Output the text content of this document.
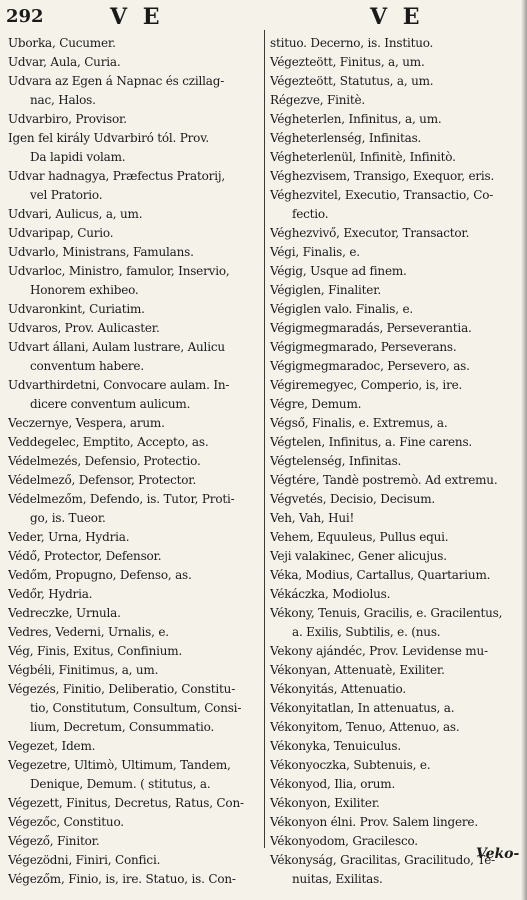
292	V E	V E
Uborka, Cucumer.
Udvar, Aula, Curia.
Udvara az Egen á Napnac és czillag-
nac, Halos.
Udvarbiro, Provisor.
Igen fel király Udvarbiró tól. Prov.
Da lapidi volam.
Udvar hadnagya, Præfectus Pratorij,
vel Pratorio.
Udvari, Aulicus, a, um.
Udvaripap, Curio.
Udvarlo, Ministrans, Famulans.
Udvarloc, Ministro, famulor, Inservio,
Honorem exhibeo.
Udvaronkint, Curiatim.
Udvaros, Prov. Aulicaster.
Udvart állani, Aulam lustrare, Aulicu
conventum habere.
Udvarthirdetni, Convocare aulam. In-
dicere conventum aulicum.
Veczernye, Vespera, arum.
Veddegelec, Emptito, Accepto, as.
Védelmezés, Defensio, Protectio.
Védelmező, Defensor, Protector.
Védelmezőm, Defendo, is. Tutor, Proti-
go, is. Tueor.
Veder, Urna, Hydria.
Védő, Protector, Defensor.
Vedőm, Propugno, Defenso, as.
Vedőr, Hydria.
Vedreczke, Urnula.
Vedres, Vederni, Urnalis, e.
Vég, Finis, Exitus, Confinium.
Végbéli, Finitimus, a, um.
Végezés, Finitio, Deliberatio, Constitu-
tio, Constitutum, Consultum, Consi-
lium, Decretum, Consummatio.
Vegezet, Idem.
Vegezetre, Ultimò, Ultimum, Tandem,
Denique, Demum. ( stitutus, a.
Végezett, Finitus, Decretus, Ratus, Con-
Végezőc, Constituo.
Végező, Finitor.
Végezödni, Finiri, Confici.
Végezőm, Finio, is, ire. Statuo, is. Con-
stituo. Decerno, is. Instituo.
Végezteött, Finitus, a, um.
Végezteött, Statutus, a, um.
Régezve, Finitè.
Végheterlen, Infinitus, a, um.
Végheterlenség, Infinitas.
Végheterlenül, Infinitè, Infinitò.
Véghezvisem, Transigo, Exequor, eris.
Véghezvitel, Executio, Transactio, Co-
fectio.
Véghezvivő, Executor, Transactor.
Végi, Finalis, e.
Végig, Usque ad finem.
Végiglen, Finaliter.
Végiglen valo. Finalis, e.
Végigmegmaradás, Perseverantia.
Végigmegmarado, Perseverans.
Végigmegmaradoc, Persevero, as.
Végiremegyec, Comperio, is, ire.
Végre, Demum.
Végső, Finalis, e. Extremus, a.
Végtelen, Infinitus, a. Fine carens.
Végtelenség, Infinitas.
Végtére, Tandè postremò. Ad extremu.
Végvetés, Decisio, Decisum.
Veh, Vah, Hui!
Vehem, Equuleus, Pullus equi.
Veji valakinec, Gener alicujus.
Véka, Modius, Cartallus, Quartarium.
Vékáczka, Modiolus.
Vékony, Tenuis, Gracilis, e. Gracilentus,
a. Exilis, Subtilis, e. (nus.
Vekony ajándéc, Prov. Levidense mu-
Vékonyan, Attenuatè, Exiliter.
Vékonyitás, Attenuatio.
Vékonyitatlan, In attenuatus, a.
Vékonyitom, Tenuo, Attenuo, as.
Vékonyka, Tenuiculus.
Vékonyoczka, Subtenuis, e.
Vékonyod, Ilia, orum.
Vékonyon, Exiliter.
Vékonyon élni. Prov. Salem lingere.
Vékonyodom, Gracilesco.
Vékonyság, Gracilitas, Gracilitudo, Te-
nuitas, Exilitas.
Veko-
